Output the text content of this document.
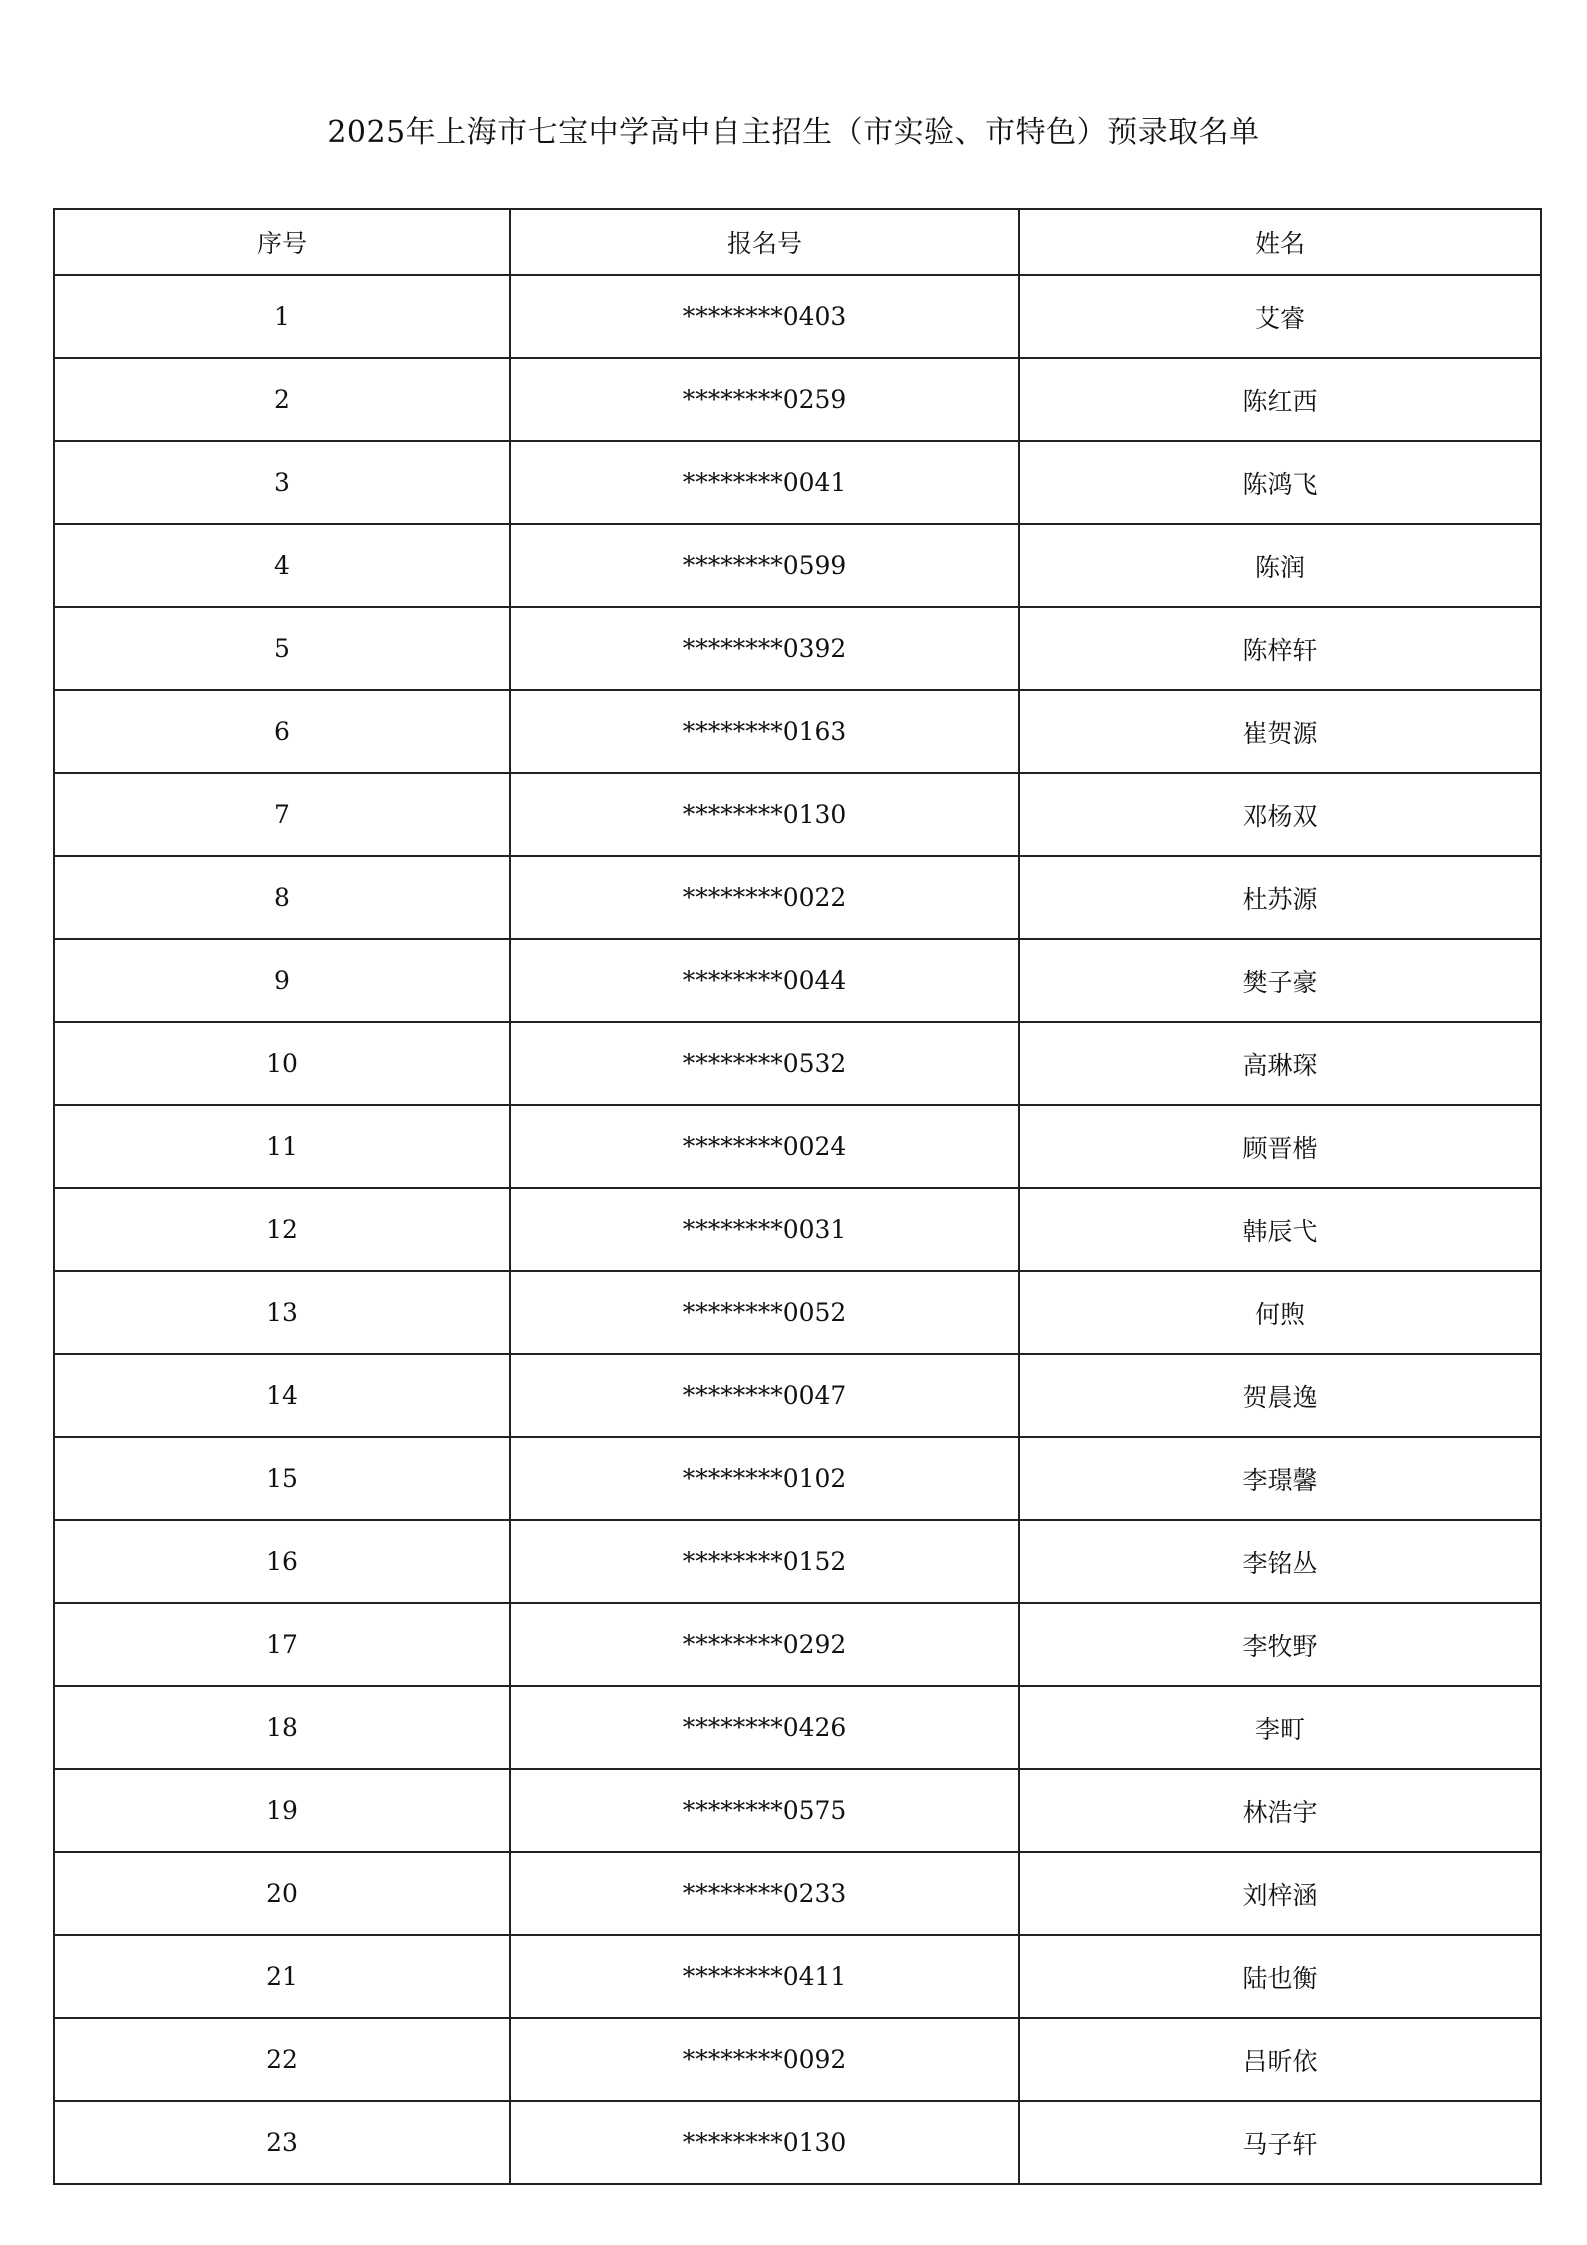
2025年上海市七宝中学高中自主招生（市实验、市特色）预录取名单
序号	报名号	姓名
1	********0403	艾睿
2	********0259	陈红西
3	********0041	陈鸿飞
4	********0599	陈润
5	********0392	陈梓轩
6	********0163	崔贺源
7	********0130	邓杨双
8	********0022	杜苏源
9	********0044	樊子豪
10	********0532	高琳琛
11	********0024	顾晋楷
12	********0031	韩辰弋
13	********0052	何煦
14	********0047	贺晨逸
15	********0102	李璟馨
16	********0152	李铭丛
17	********0292	李牧野
18	********0426	李町
19	********0575	林浩宇
20	********0233	刘梓涵
21	********0411	陆也衡
22	********0092	吕昕依
23	********0130	马子轩
